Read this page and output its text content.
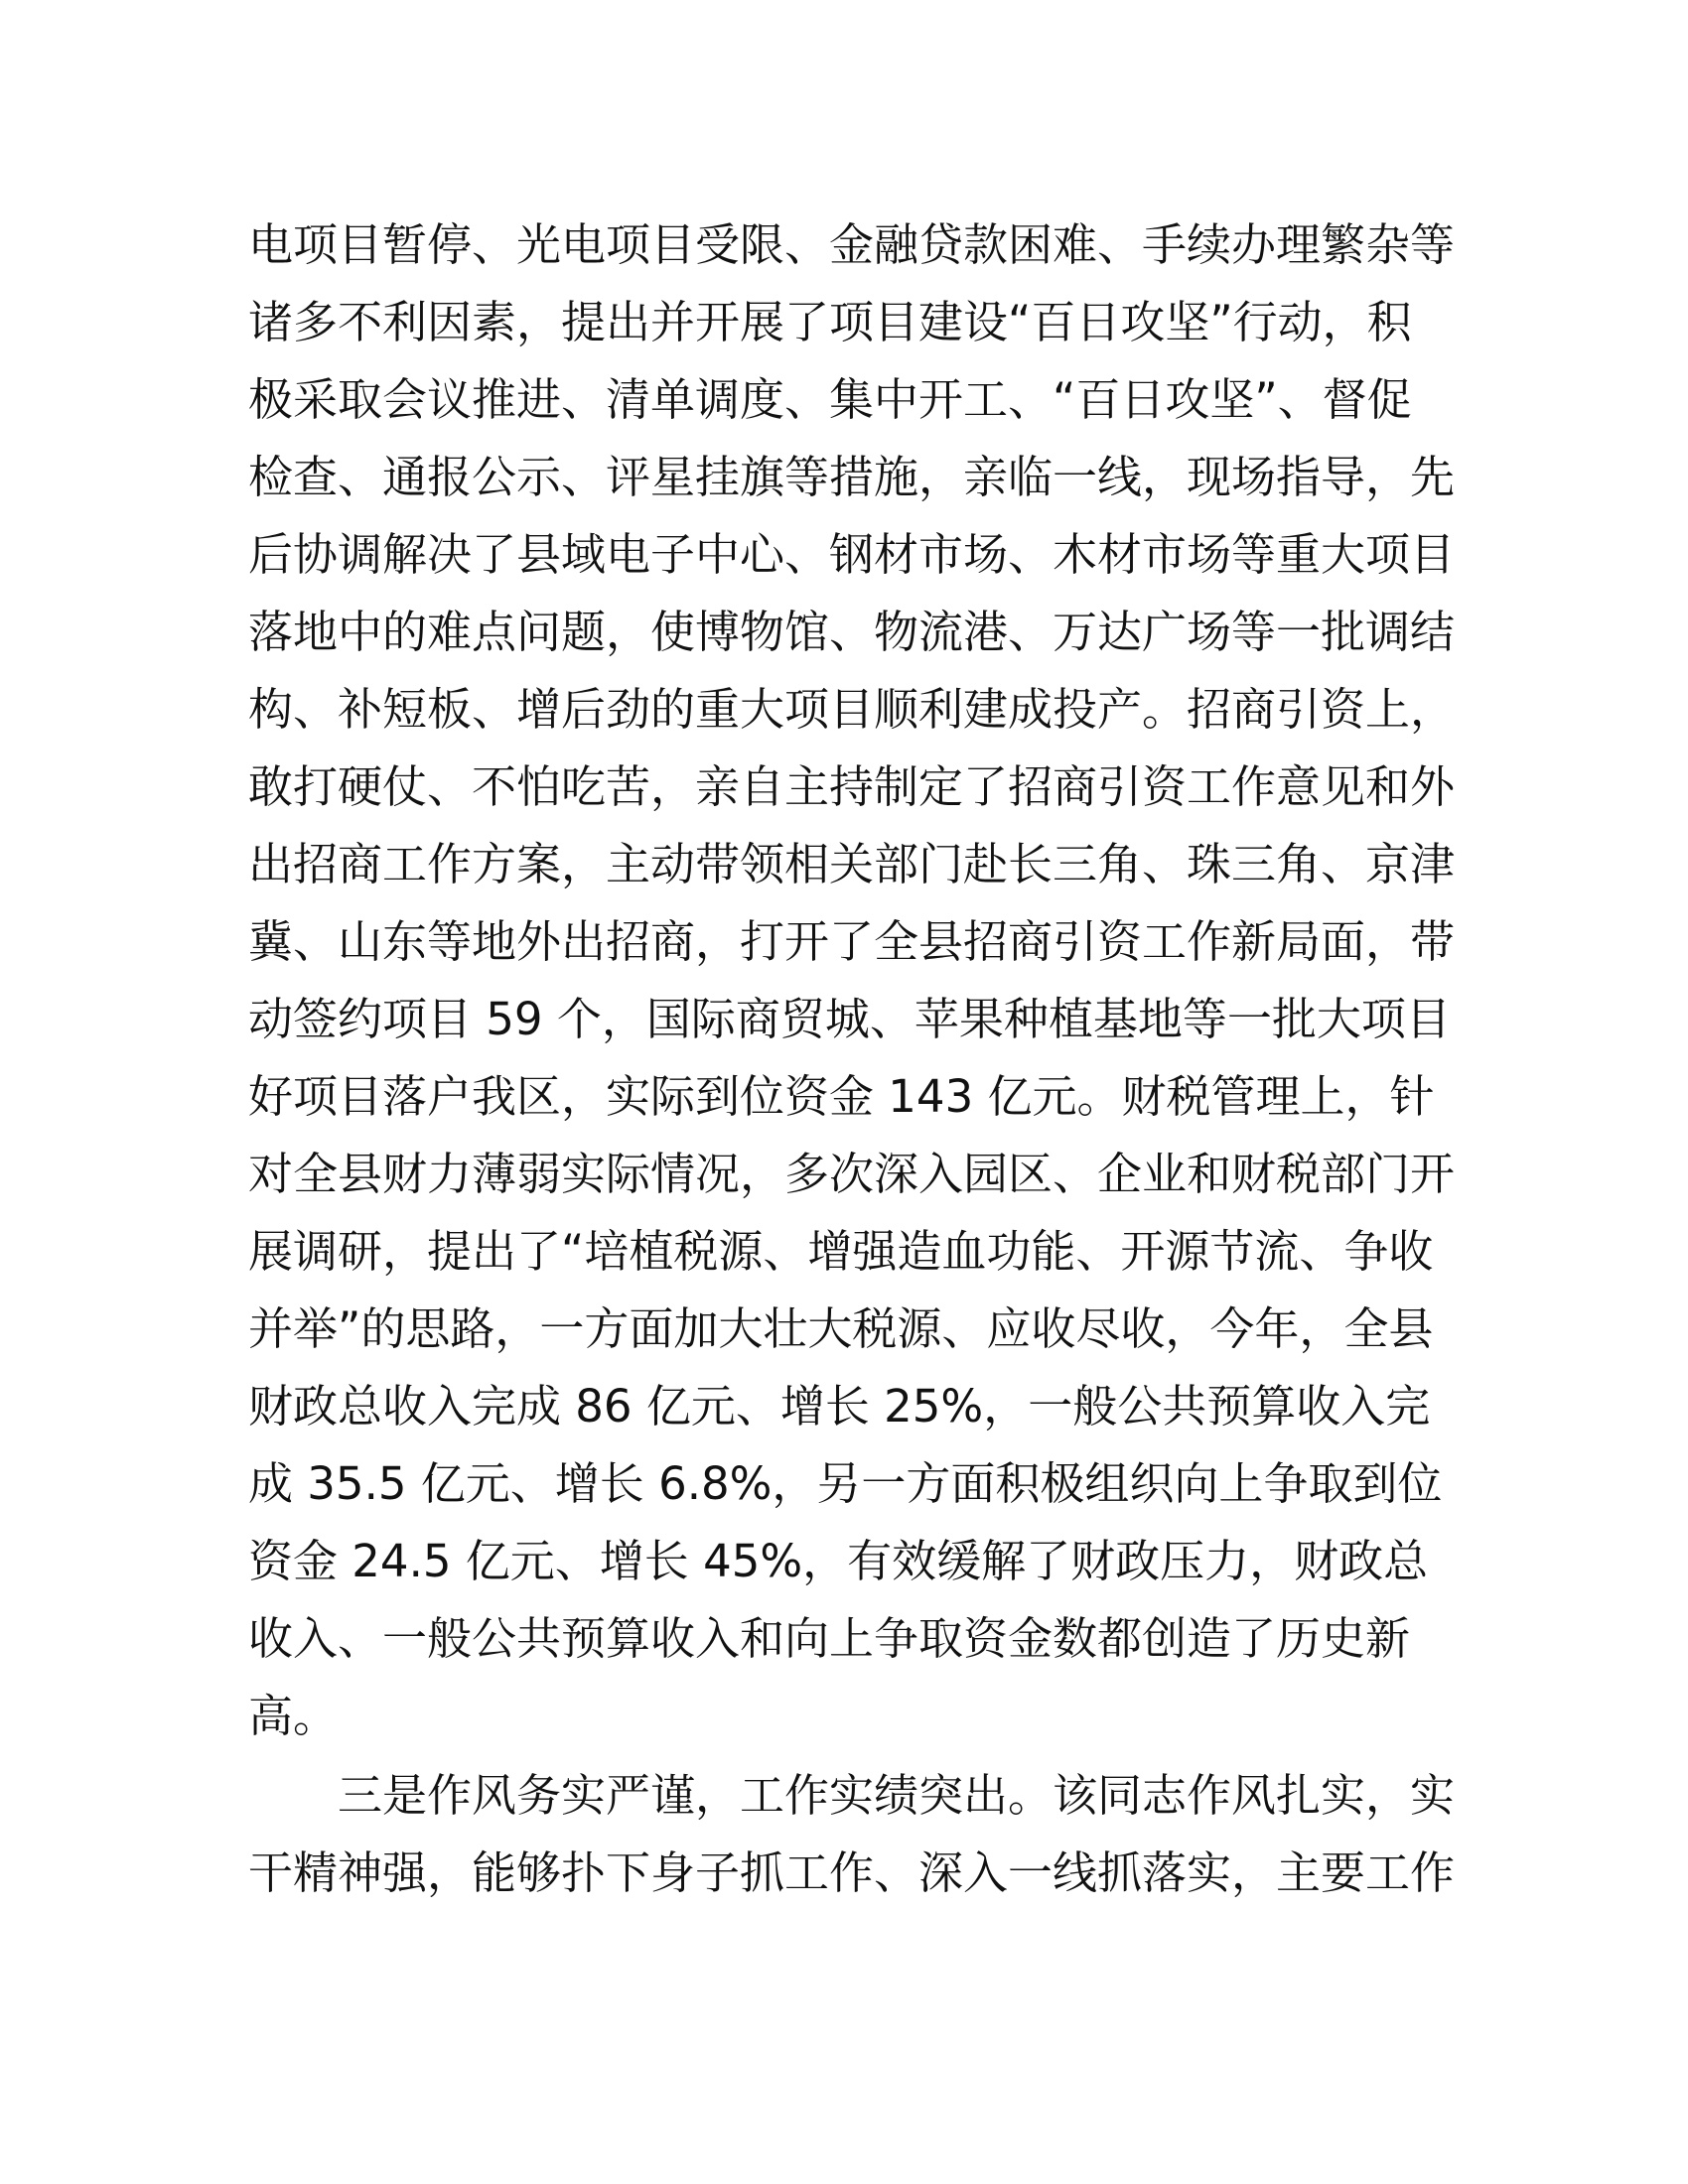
电项目暂停、光电项目受限、金融贷款困难、手续办理繁杂等
诸多不利因素，提出并开展了项目建设“百日攻坚”行动，积
极采取会议推进、清单调度、集中开工、“百日攻坚”、督促
检查、通报公示、评星挂旗等措施，亲临一线，现场指导，先
后协调解决了县域电子中心、钢材市场、木材市场等重大项目
落地中的难点问题，使博物馆、物流港、万达广场等一批调结
构、补短板、增后劲的重大项目顺利建成投产。招商引资上，
敢打硬仗、不怕吃苦，亲自主持制定了招商引资工作意见和外
出招商工作方案，主动带领相关部门赴长三角、珠三角、京津
冀、山东等地外出招商，打开了全县招商引资工作新局面，带
动签约项目 59 个，国际商贸城、苹果种植基地等一批大项目
好项目落户我区，实际到位资金 143 亿元。财税管理上，针
对全县财力薄弱实际情况，多次深入园区、企业和财税部门开
展调研，提出了“培植税源、增强造血功能、开源节流、争收
并举”的思路，一方面加大壮大税源、应收尽收，今年，全县
财政总收入完成 86 亿元、增长 25%，一般公共预算收入完
成 35.5 亿元、增长 6.8%，另一方面积极组织向上争取到位
资金 24.5 亿元、增长 45%，有效缓解了财政压力，财政总
收入、一般公共预算收入和向上争取资金数都创造了历史新
高。
　　三是作风务实严谨，工作实绩突出。该同志作风扎实，实
干精神强，能够扑下身子抓工作、深入一线抓落实，主要工作
